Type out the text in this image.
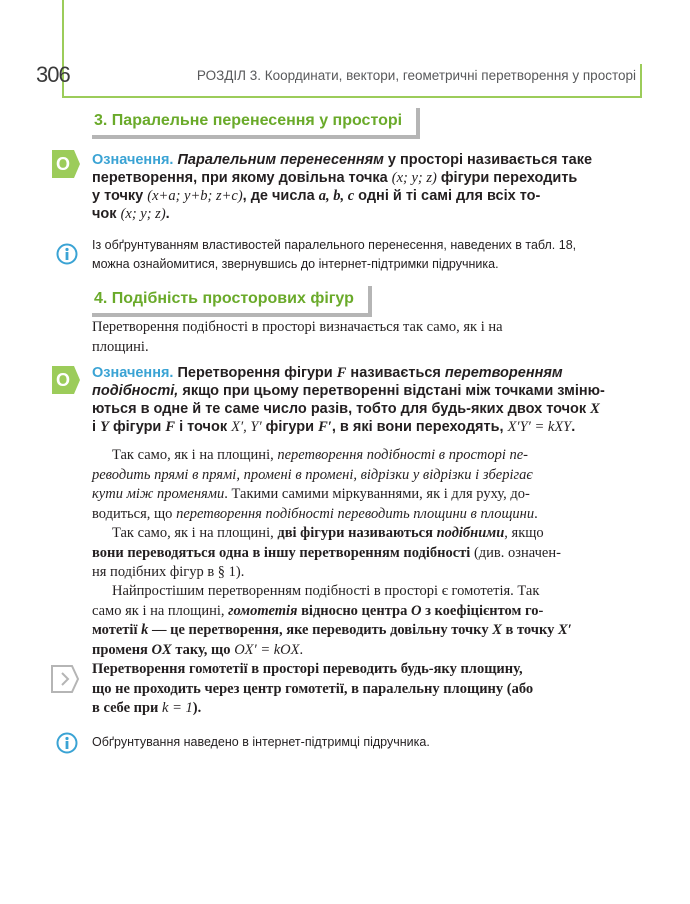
306	РОЗДІЛ 3. Координати, вектори, геометричні перетворення у просторі
3. Паралельне перенесення у просторі
O Означення. Паралельним перенесенням у просторі називається таке
перетворення, при якому довільна точка (x; y; z) фігури переходить
у точку (x+a; y+b; z+c), де числа a, b, c одні й ті самі для всіх то-
чок (x; y; z).
Із обґрунтуванням властивостей паралельного перенесення, наведених в табл. 18,
можна ознайомитися, звернувшись до інтернет-підтримки підручника.
4. Подібність просторових фігур
Перетворення подібності в просторі визначається так само, як і на
площині.
O Означення. Перетворення фігури F називається перетворенням
подібності, якщо при цьому перетворенні відстані між точками зміню-
ються в одне й те саме число разів, тобто для будь-яких двох точок X
і Y фігури F і точок X′, Y′ фігури F′, в які вони переходять, X′Y′ = kXY.
Так само, як і на площині, перетворення подібності в просторі пе-
реводить прямі в прямі, промені в промені, відрізки у відрізки і зберігає
кути між променями. Такими самими міркуваннями, як і для руху, до-
водиться, що перетворення подібності переводить площини в площини.
Так само, як і на площині, дві фігури називаються подібними, якщо
вони переводяться одна в іншу перетворенням подібності (див. означен-
ня подібних фігур в § 1).
Найпростішим перетворенням подібності в просторі є гомотетія. Так
само як і на площині, гомотетія відносно центра O з коефіцієнтом го-
мотетії k — це перетворення, яке переводить довільну точку X в точку X′
променя OX таку, що OX′ = kOX.
Перетворення гомотетії в просторі переводить будь-яку площину,
що не проходить через центр гомотетії, в паралельну площину (або
в себе при k = 1).
Обґрунтування наведено в інтернет-підтримці підручника.
